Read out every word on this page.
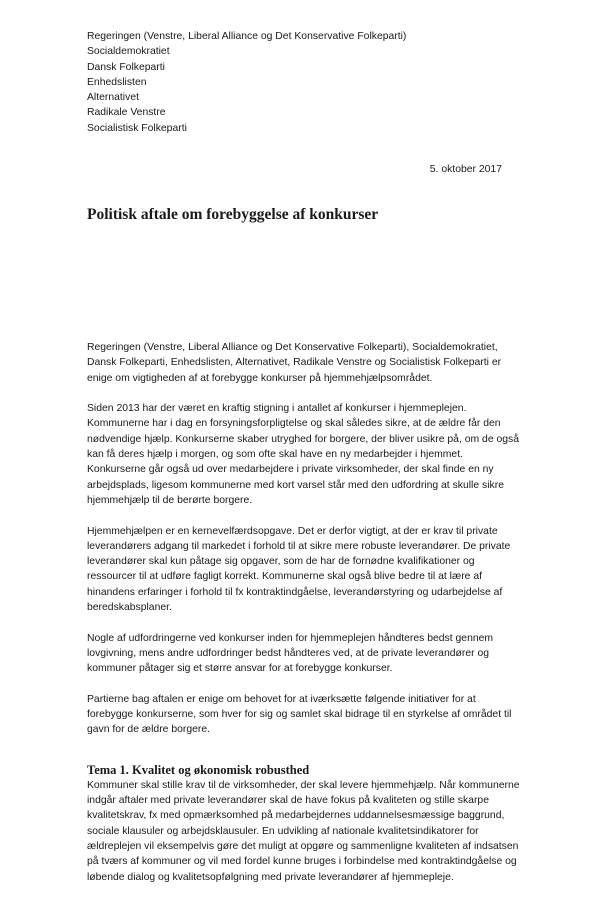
Regeringen (Venstre, Liberal Alliance og Det Konservative Folkeparti)
Socialdemokratiet
Dansk Folkeparti
Enhedslisten
Alternativet
Radikale Venstre
Socialistisk Folkeparti
5. oktober 2017
Politisk aftale om forebyggelse af konkurser

Regeringen (Venstre, Liberal Alliance og Det Konservative Folkeparti), Socialdemokratiet, Dansk Folkeparti, Enhedslisten, Alternativet, Radikale Venstre og Socialistisk Folkeparti er enige om vigtigheden af at forebygge konkurser på hjemmehjælpsområdet.

Siden 2013 har der været en kraftig stigning i antallet af konkurser i hjemmeplejen. Kommunerne har i dag en forsyningsforpligtelse og skal således sikre, at de ældre får den nødvendige hjælp. Konkurserne skaber utryghed for borgere, der bliver usikre på, om de også kan få deres hjælp i morgen, og som ofte skal have en ny medarbejder i hjemmet. Konkurserne går også ud over medarbejdere i private virksomheder, der skal finde en ny arbejdsplads, ligesom kommunerne med kort varsel står med den udfordring at skulle sikre hjemmehjælp til de berørte borgere.

Hjemmehjælpen er en kernevelfærdsopgave. Det er derfor vigtigt, at der er krav til private leverandørers adgang til markedet i forhold til at sikre mere robuste leverandører. De private leverandører skal kun påtage sig opgaver, som de har de fornødne kvalifikationer og ressourcer til at udføre fagligt korrekt. Kommunerne skal også blive bedre til at lære af hinandens erfaringer i forhold til fx kontraktindgåelse, leverandørstyring og udarbejdelse af beredskabsplaner.

Nogle af udfordringerne ved konkurser inden for hjemmeplejen håndteres bedst gennem lovgivning, mens andre udfordringer bedst håndteres ved, at de private leverandører og kommuner påtager sig et større ansvar for at forebygge konkurser.

Partierne bag aftalen er enige om behovet for at iværksætte følgende initiativer for at forebygge konkurserne, som hver for sig og samlet skal bidrage til en styrkelse af området til gavn for de ældre borgere.

Tema 1. Kvalitet og økonomisk robusthed

Kommuner skal stille krav til de virksomheder, der skal levere hjemmehjælp. Når kommunerne indgår aftaler med private leverandører skal de have fokus på kvaliteten og stille skarpe kvalitetskrav, fx med opmærksomhed på medarbejdernes uddannelsesmæssige baggrund, sociale klausuler og arbejdsklausuler. En udvikling af nationale kvalitetsindikatorer for ældreplejen vil eksempelvis gøre det muligt at opgøre og sammenligne kvaliteten af indsatsen på tværs af kommuner og vil med fordel kunne bruges i forbindelse med kontraktindgåelse og løbende dialog og kvalitetsopfølgning med private leverandører af hjemmepleje.
